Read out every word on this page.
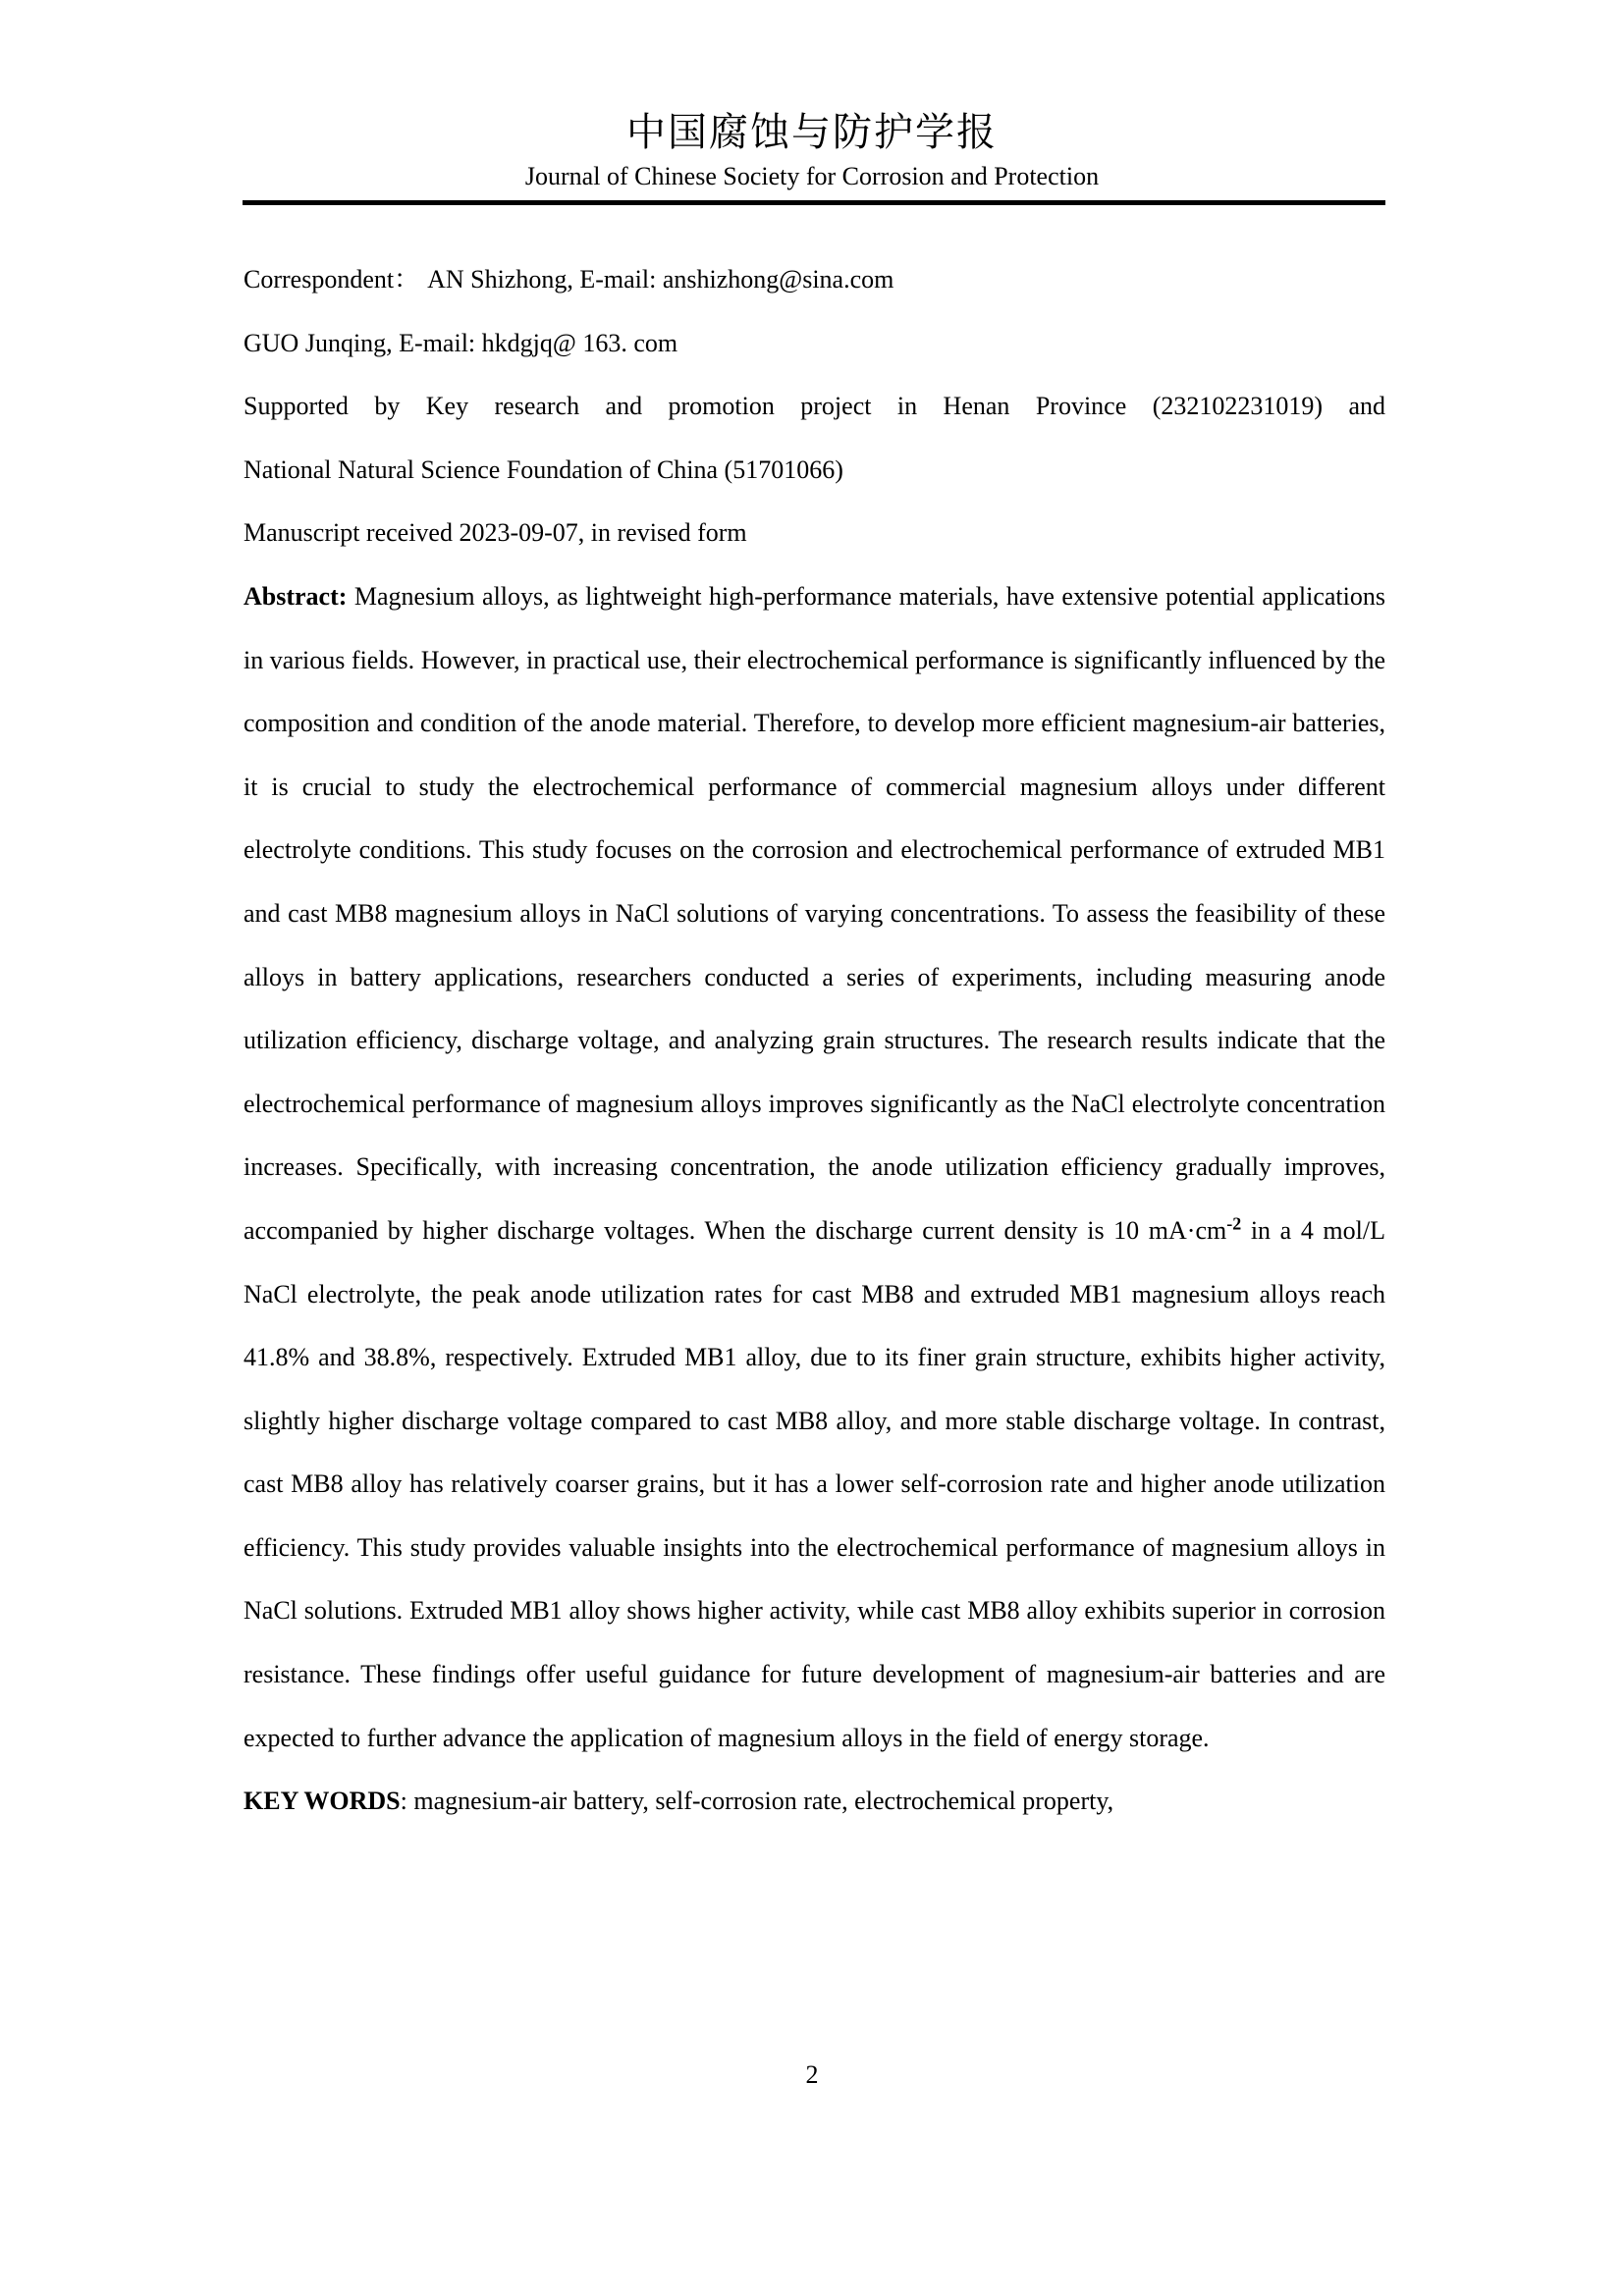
中国腐蚀与防护学报
Journal of Chinese Society for Corrosion and Protection

Correspondent： AN Shizhong, E-mail: anshizhong@sina.com

GUO Junqing, E-mail: hkdgjq@ 163. com

Supported by Key research and promotion project in Henan Province (232102231019) and

National Natural Science Foundation of China (51701066)

Manuscript received 2023-09-07, in revised form

Abstract: Magnesium alloys, as lightweight high-performance materials, have extensive potential applications in various fields. However, in practical use, their electrochemical performance is significantly influenced by the composition and condition of the anode material. Therefore, to develop more efficient magnesium-air batteries, it is crucial to study the electrochemical performance of commercial magnesium alloys under different electrolyte conditions. This study focuses on the corrosion and electrochemical performance of extruded MB1 and cast MB8 magnesium alloys in NaCl solutions of varying concentrations. To assess the feasibility of these alloys in battery applications, researchers conducted a series of experiments, including measuring anode utilization efficiency, discharge voltage, and analyzing grain structures. The research results indicate that the electrochemical performance of magnesium alloys improves significantly as the NaCl electrolyte concentration increases. Specifically, with increasing concentration, the anode utilization efficiency gradually improves, accompanied by higher discharge voltages. When the discharge current density is 10 $mA\cdot cm^{-2}$ in a 4 mol/L NaCl electrolyte, the peak anode utilization rates for cast MB8 and extruded MB1 magnesium alloys reach 41.8% and 38.8%, respectively. Extruded MB1 alloy, due to its finer grain structure, exhibits higher activity, slightly higher discharge voltage compared to cast MB8 alloy, and more stable discharge voltage. In contrast, cast MB8 alloy has relatively coarser grains, but it has a lower self-corrosion rate and higher anode utilization efficiency. This study provides valuable insights into the electrochemical performance of magnesium alloys in NaCl solutions. Extruded MB1 alloy shows higher activity, while cast MB8 alloy exhibits superior in corrosion resistance. These findings offer useful guidance for future development of magnesium-air batteries and are expected to further advance the application of magnesium alloys in the field of energy storage.

KEY WORDS: magnesium-air battery, self-corrosion rate, electrochemical property,

2
